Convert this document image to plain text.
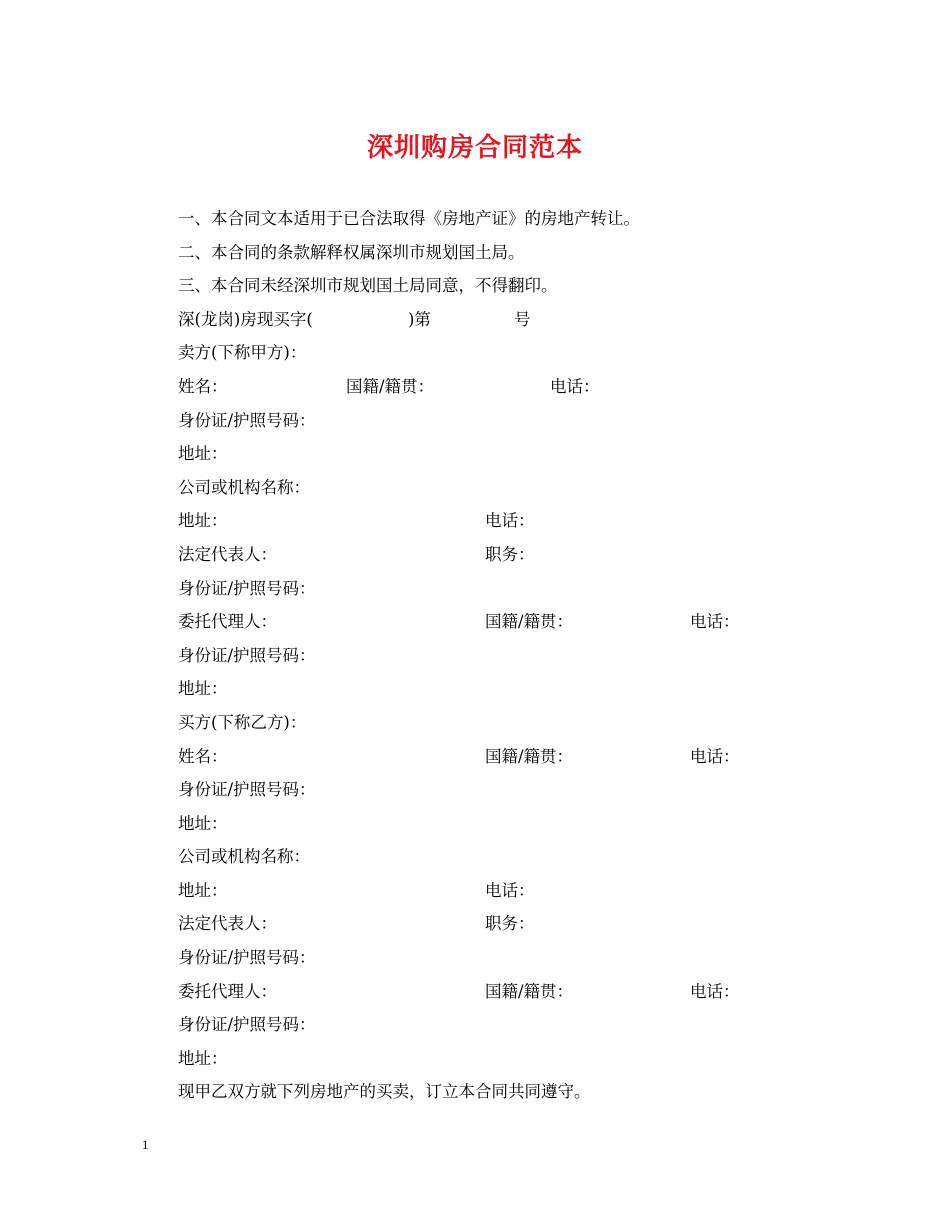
深圳购房合同范本
一、本合同文本适用于已合法取得《房地产证》的房地产转让。
二、本合同的条款解释权属深圳市规划国土局。
三、本合同未经深圳市规划国土局同意，不得翻印。
深(龙岗)房现买字(	)第	号
卖方(下称甲方)：
姓名：	国籍/籍贯：	电话：
身份证/护照号码：
地址：
公司或机构名称：
地址：	电话：
法定代表人：	职务：
身份证/护照号码：
委托代理人：	国籍/籍贯：	电话：
身份证/护照号码：
地址：
买方(下称乙方)：
姓名：	国籍/籍贯：	电话：
身份证/护照号码：
地址：
公司或机构名称：
地址：	电话：
法定代表人：	职务：
身份证/护照号码：
委托代理人：	国籍/籍贯：	电话：
身份证/护照号码：
地址：
现甲乙双方就下列房地产的买卖，订立本合同共同遵守。
1
